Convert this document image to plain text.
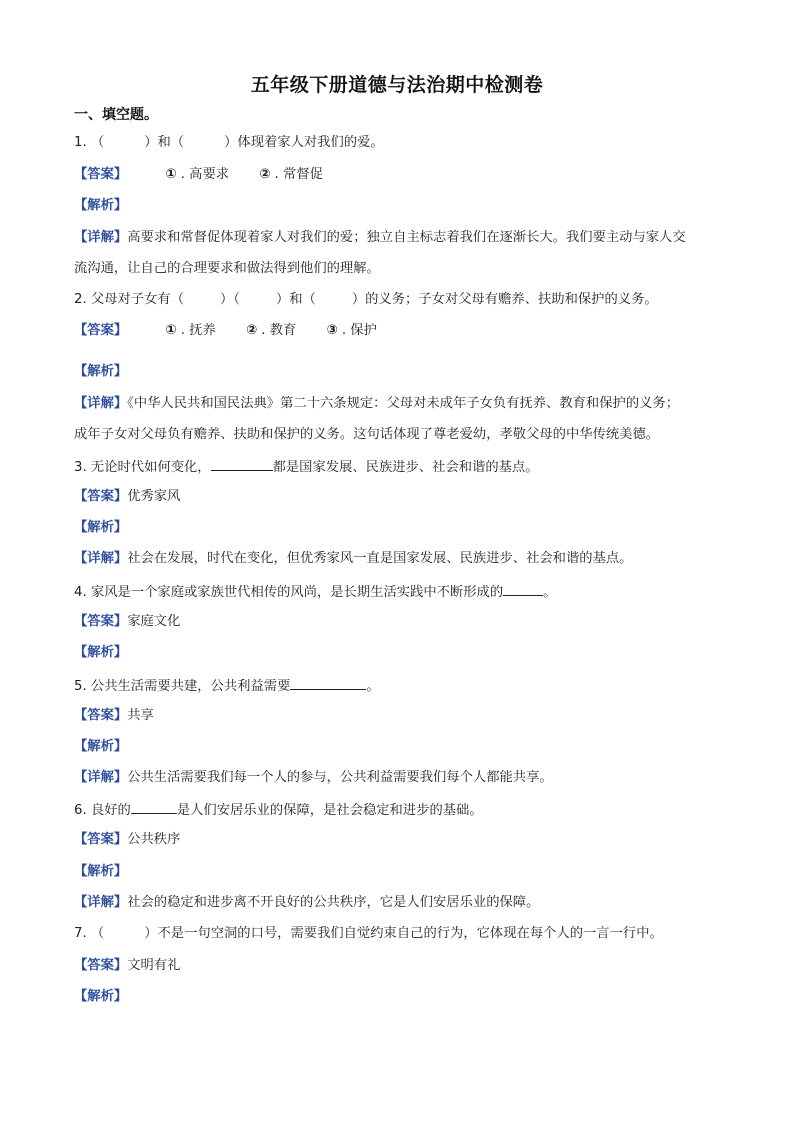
五年级下册道德与法治期中检测卷
一、填空题。
1. （	）和（	）体现着家人对我们的爱。
【答案】	① . 高要求 ② . 常督促
【解析】
【详解】高要求和常督促体现着家人对我们的爱；独立自主标志着我们在逐渐长大。我们要主动与家人交
流沟通，让自己的合理要求和做法得到他们的理解。
2. 父母对子女有（	）（	）和（	）的义务；子女对父母有赡养、扶助和保护的义务。
【答案】	① . 抚养 ② . 教育 ③ . 保护
【解析】
【详解】《中华人民共和国民法典》第二十六条规定：父母对未成年子女负有抚养、教育和保护的义务；
成年子女对父母负有赡养、扶助和保护的义务。这句话体现了尊老爱幼，孝敬父母的中华传统美德。
3. 无论时代如何变化，	都是国家发展、民族进步、社会和谐的基点。
【答案】优秀家风
【解析】
【详解】社会在发展，时代在变化，但优秀家风一直是国家发展、民族进步、社会和谐的基点。
4. 家风是一个家庭或家族世代相传的风尚，是长期生活实践中不断形成的	。
【答案】家庭文化
【解析】
5. 公共生活需要共建，公共利益需要	。
【答案】共享
【解析】
【详解】公共生活需要我们每一个人的参与，公共利益需要我们每个人都能共享。
6. 良好的	是人们安居乐业的保障，是社会稳定和进步的基础。
【答案】公共秩序
【解析】
【详解】社会的稳定和进步离不开良好的公共秩序，它是人们安居乐业的保障。
7. （	）不是一句空洞的口号，需要我们自觉约束自己的行为，它体现在每个人的一言一行中。
【答案】文明有礼
【解析】
